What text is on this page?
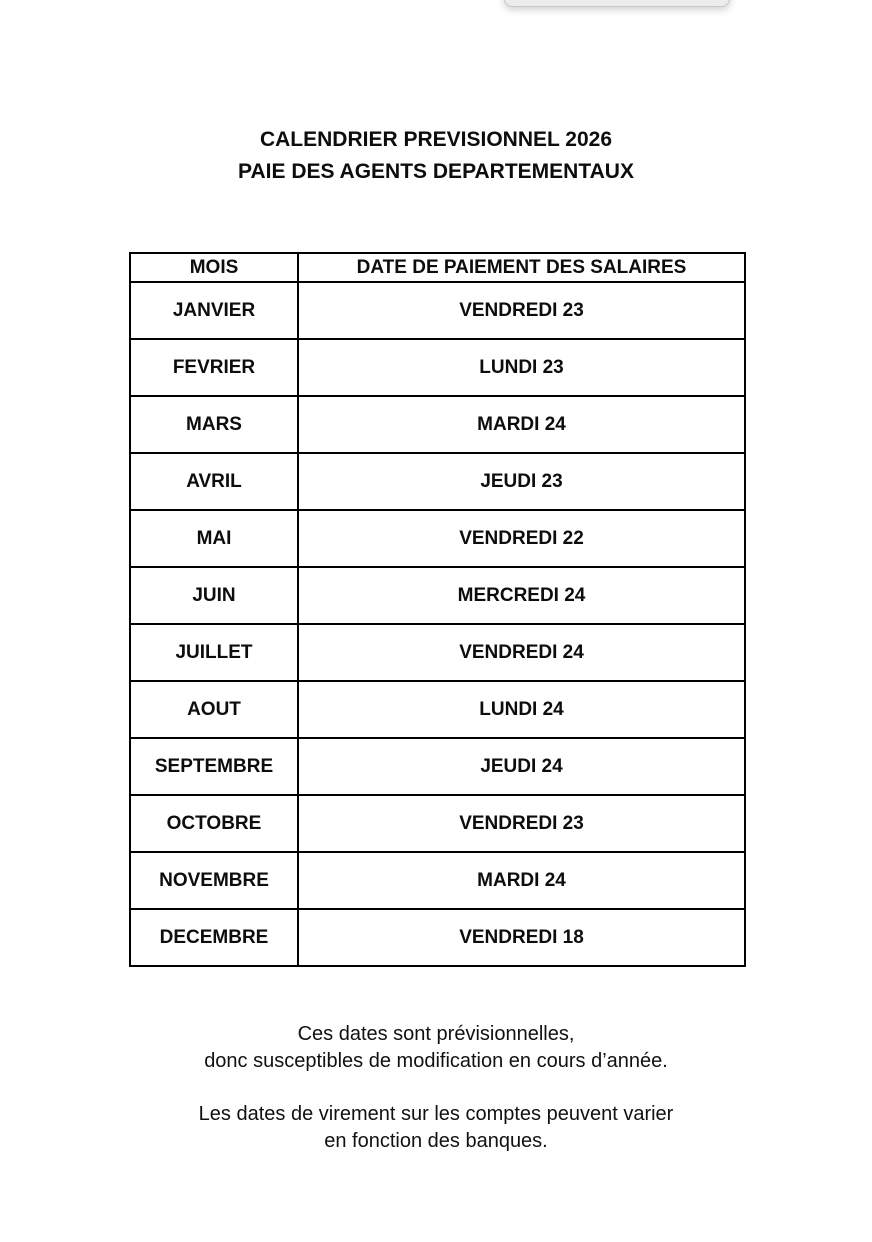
CALENDRIER PREVISIONNEL 2026
PAIE DES AGENTS DEPARTEMENTAUX
MOIS	DATE DE PAIEMENT DES SALAIRES
JANVIER	VENDREDI 23
FEVRIER	LUNDI 23
MARS	MARDI 24
AVRIL	JEUDI 23
MAI	VENDREDI 22
JUIN	MERCREDI 24
JUILLET	VENDREDI 24
AOUT	LUNDI 24
SEPTEMBRE	JEUDI 24
OCTOBRE	VENDREDI 23
NOVEMBRE	MARDI 24
DECEMBRE	VENDREDI 18
Ces dates sont prévisionnelles,
donc susceptibles de modification en cours d’année.
Les dates de virement sur les comptes peuvent varier
en fonction des banques.
